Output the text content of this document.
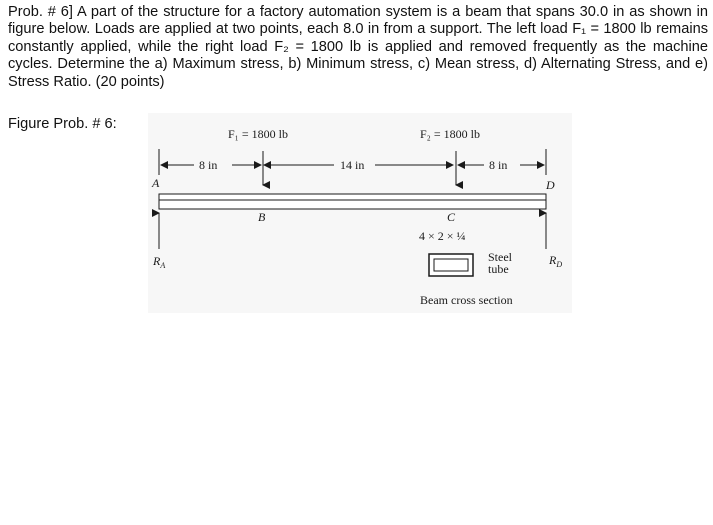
Prob. # 6] A part of the structure for a factory automation system is a beam that spans 30.0 in as shown in figure below. Loads are applied at two points, each 8.0 in from a support. The left load F₁ = 1800 lb remains constantly applied, while the right load F₂ = 1800 lb is applied and removed frequently as the machine cycles. Determine the a) Maximum stress, b) Minimum stress, c) Mean stress, d) Alternating Stress, and e) Stress Ratio. (20 points)
Figure Prob. # 6:
F₁ = 1800 lb	F₂ = 1800 lb
8 in	14 in	8 in
A	D
B	C
$R_A$	$R_D$
4 × 2 × ¼
Steel
tube
Beam cross section
